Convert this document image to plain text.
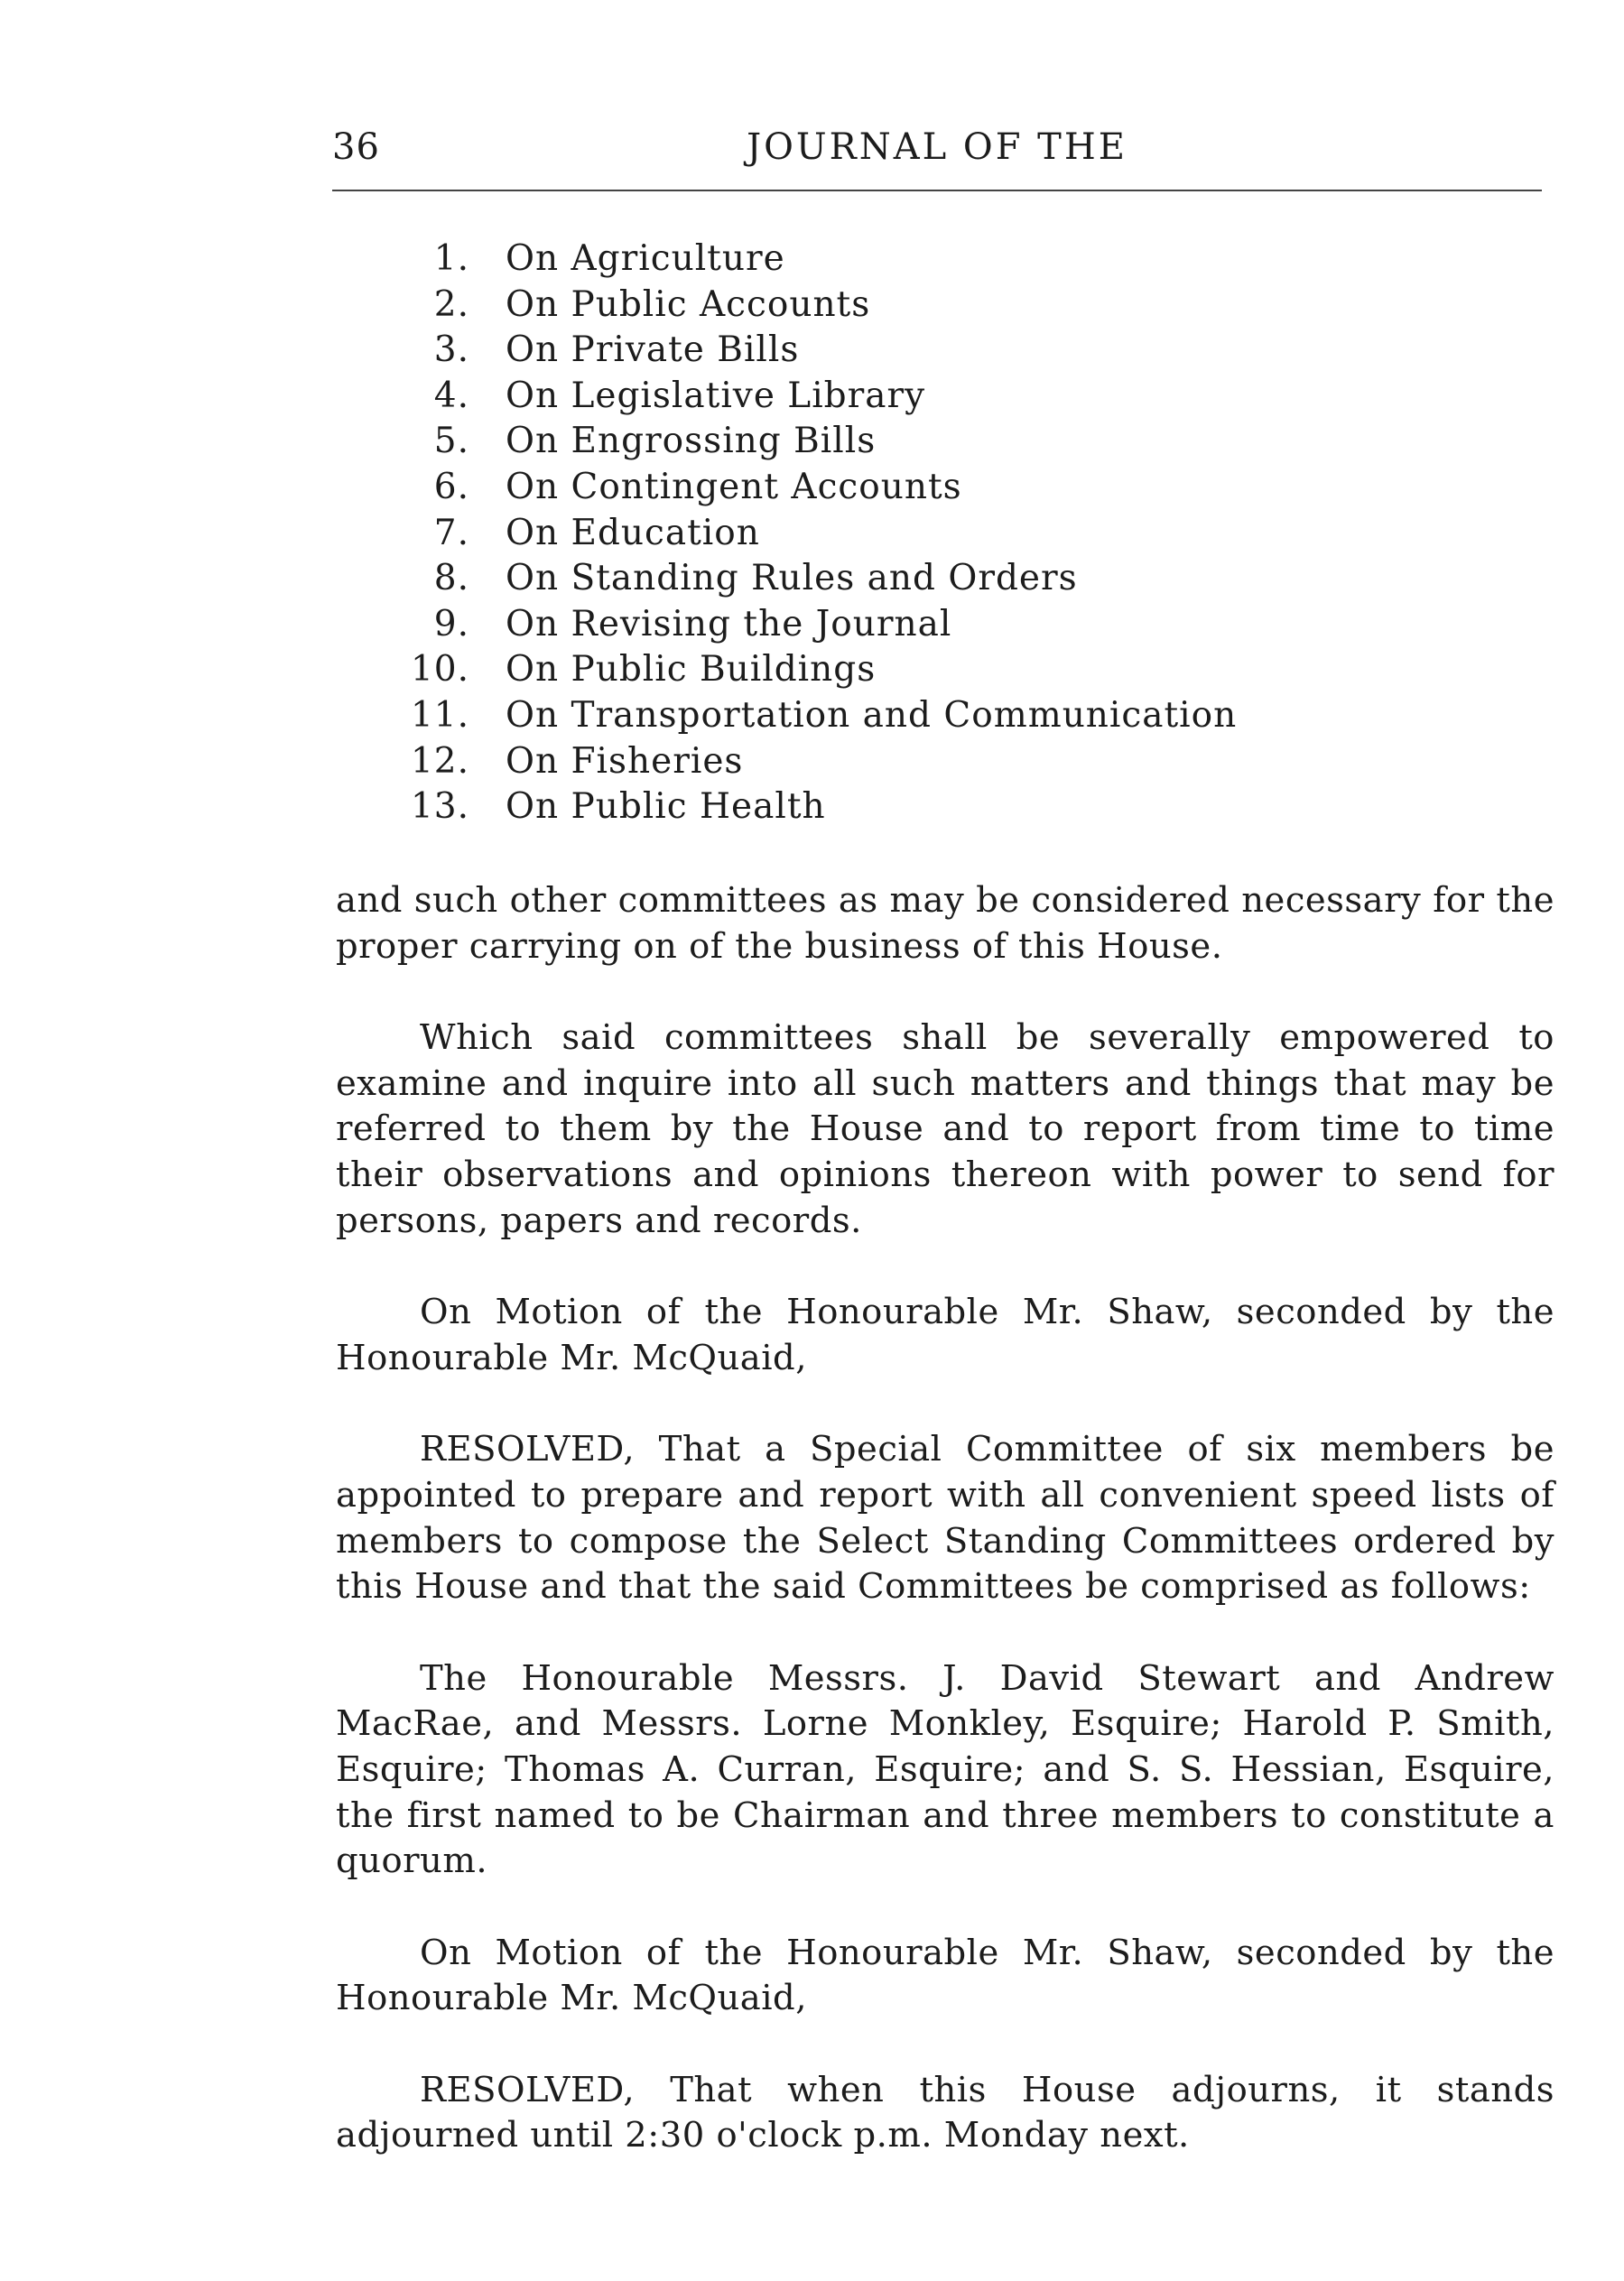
36	JOURNAL OF THE
1. On Agriculture
2. On Public Accounts
3. On Private Bills
4. On Legislative Library
5. On Engrossing Bills
6. On Contingent Accounts
7. On Education
8. On Standing Rules and Orders
9. On Revising the Journal
10. On Public Buildings
11. On Transportation and Communication
12. On Fisheries
13. On Public Health

and such other committees as may be considered necessary for the proper carrying on of the business of this House.

Which said committees shall be severally empowered to examine and inquire into all such matters and things that may be referred to them by the House and to report from time to time their observations and opinions thereon with power to send for persons, papers and records.

On Motion of the Honourable Mr. Shaw, seconded by the Honourable Mr. McQuaid,

RESOLVED, That a Special Committee of six members be appointed to prepare and report with all convenient speed lists of members to compose the Select Standing Committees ordered by this House and that the said Committees be comprised as follows:

The Honourable Messrs. J. David Stewart and Andrew MacRae, and Messrs. Lorne Monkley, Esquire; Harold P. Smith, Esquire; Thomas A. Curran, Esquire; and S. S. Hessian, Esquire, the first named to be Chairman and three members to constitute a quorum.

On Motion of the Honourable Mr. Shaw, seconded by the Honourable Mr. McQuaid,

RESOLVED, That when this House adjourns, it stands adjourned until 2:30 o'clock p.m. Monday next.
